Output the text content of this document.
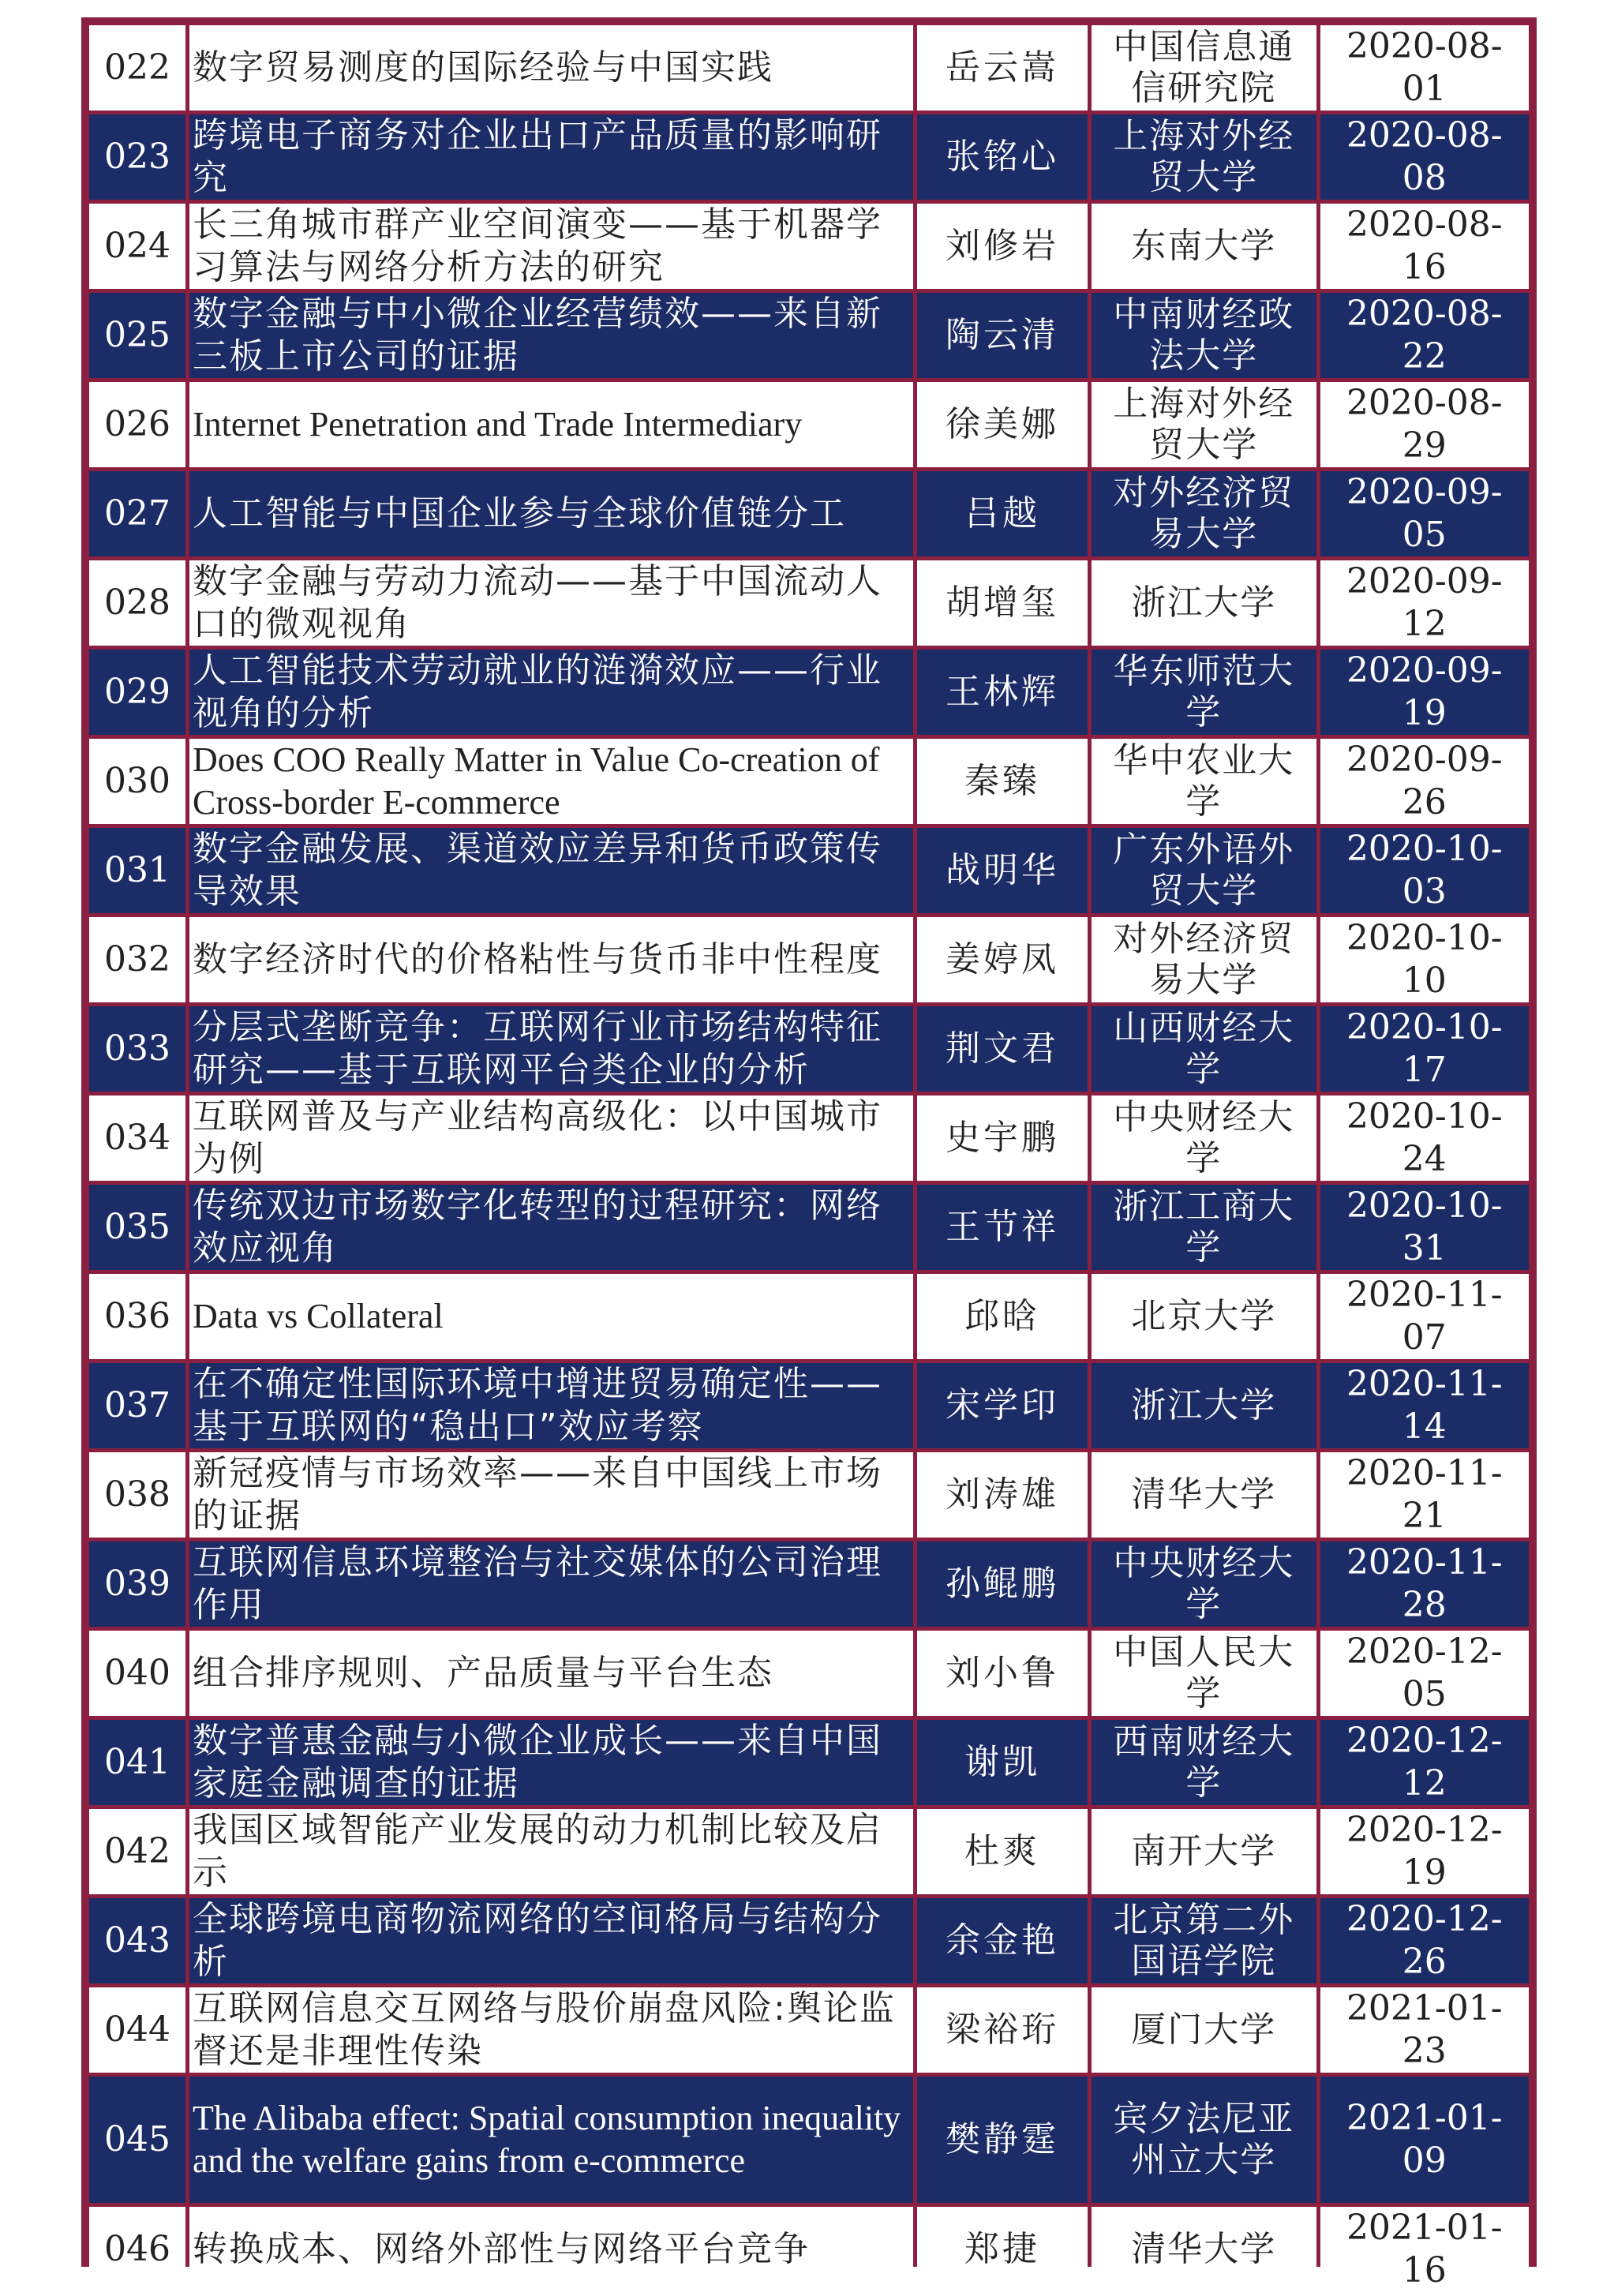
022	数字贸易测度的国际经验与中国实践	岳云嵩	中国信息通信研究院	2020-08-01
023	跨境电子商务对企业出口产品质量的影响研究	张铭心	上海对外经贸大学	2020-08-08
024	长三角城市群产业空间演变——基于机器学习算法与网络分析方法的研究	刘修岩	东南大学	2020-08-16
025	数字金融与中小微企业经营绩效——来自新三板上市公司的证据	陶云清	中南财经政法大学	2020-08-22
026	Internet Penetration and Trade Intermediary	徐美娜	上海对外经贸大学	2020-08-29
027	人工智能与中国企业参与全球价值链分工	吕越	对外经济贸易大学	2020-09-05
028	数字金融与劳动力流动——基于中国流动人口的微观视角	胡增玺	浙江大学	2020-09-12
029	人工智能技术劳动就业的涟漪效应——行业视角的分析	王林辉	华东师范大学	2020-09-19
030	Does COO Really Matter in Value Co-creation of Cross-border E-commerce	秦臻	华中农业大学	2020-09-26
031	数字金融发展、渠道效应差异和货币政策传导效果	战明华	广东外语外贸大学	2020-10-03
032	数字经济时代的价格粘性与货币非中性程度	姜婷凤	对外经济贸易大学	2020-10-10
033	分层式垄断竞争：互联网行业市场结构特征研究——基于互联网平台类企业的分析	荆文君	山西财经大学	2020-10-17
034	互联网普及与产业结构高级化：以中国城市为例	史宇鹏	中央财经大学	2020-10-24
035	传统双边市场数字化转型的过程研究：网络效应视角	王节祥	浙江工商大学	2020-10-31
036	Data vs Collateral	邱晗	北京大学	2020-11-07
037	在不确定性国际环境中增进贸易确定性——基于互联网的“稳出口”效应考察	宋学印	浙江大学	2020-11-14
038	新冠疫情与市场效率——来自中国线上市场的证据	刘涛雄	清华大学	2020-11-21
039	互联网信息环境整治与社交媒体的公司治理作用	孙鲲鹏	中央财经大学	2020-11-28
040	组合排序规则、产品质量与平台生态	刘小鲁	中国人民大学	2020-12-05
041	数字普惠金融与小微企业成长——来自中国家庭金融调查的证据	谢凯	西南财经大学	2020-12-12
042	我国区域智能产业发展的动力机制比较及启示	杜爽	南开大学	2020-12-19
043	全球跨境电商物流网络的空间格局与结构分析	余金艳	北京第二外国语学院	2020-12-26
044	互联网信息交互网络与股价崩盘风险:舆论监督还是非理性传染	梁裕珩	厦门大学	2021-01-23
045	The Alibaba effect: Spatial consumption inequality and the welfare gains from e-commerce	樊静霆	宾夕法尼亚州立大学	2021-01-09
046	转换成本、网络外部性与网络平台竞争	郑捷	清华大学	2021-01-16
